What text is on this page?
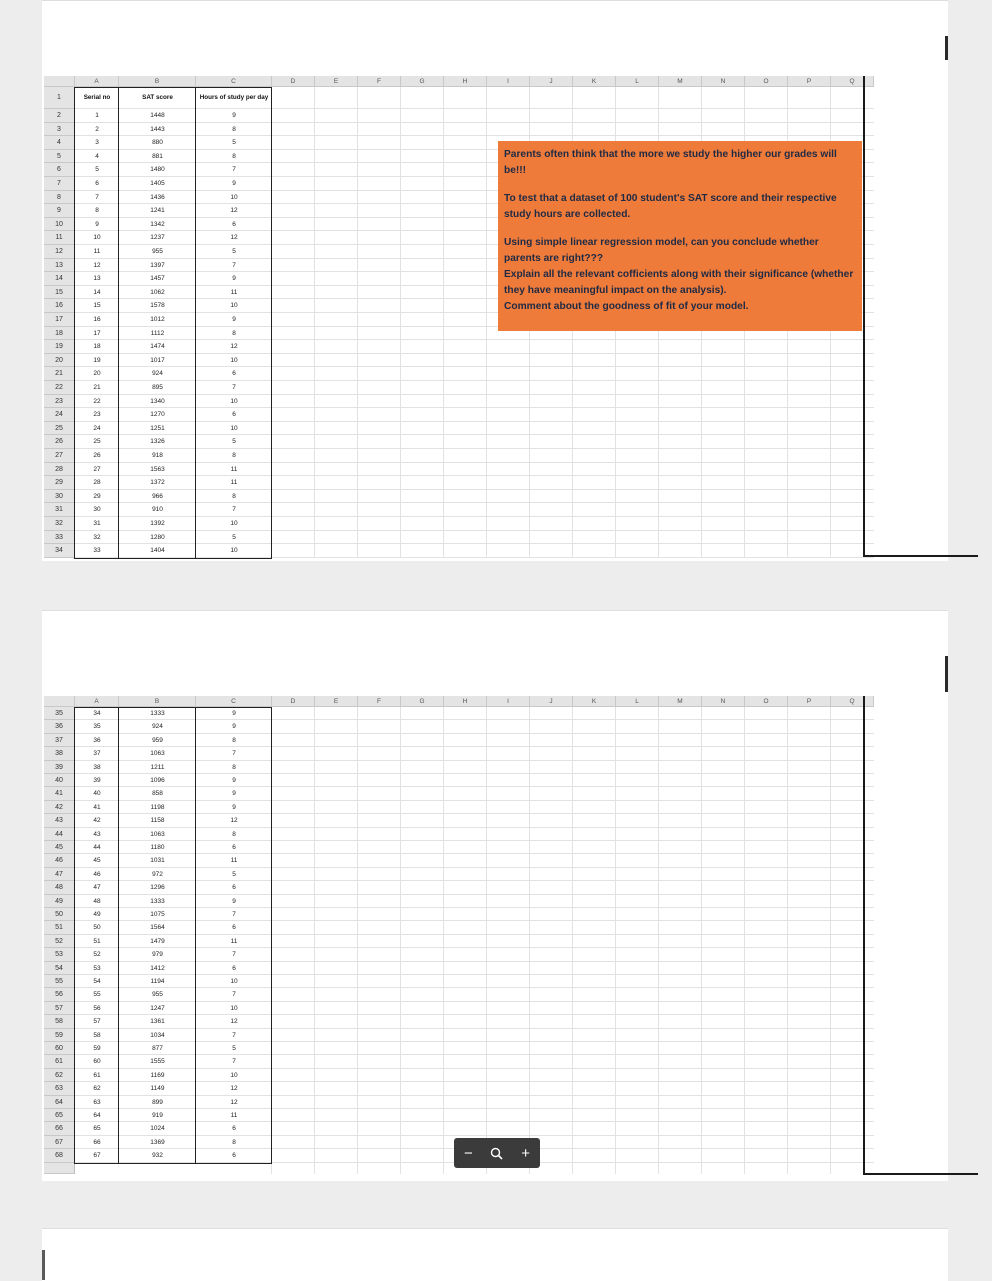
A	B	C	D	E	F	G	H	I	J	K	L	M	N	O	P	Q
1	Serial no	SAT score	Hours of study per day
2	1	1448	9
3	2	1443	8
4	3	880	5
5	4	881	8
6	5	1480	7
7	6	1405	9
8	7	1436	10
9	8	1241	12
10	9	1342	6
11	10	1237	12
12	11	955	5
13	12	1397	7
14	13	1457	9
15	14	1062	11
16	15	1578	10
17	16	1012	9
18	17	1112	8
19	18	1474	12
20	19	1017	10
21	20	924	6
22	21	895	7
23	22	1340	10
24	23	1270	6
25	24	1251	10
26	25	1326	5
27	26	918	8
28	27	1563	11
29	28	1372	11
30	29	966	8
31	30	910	7
32	31	1392	10
33	32	1280	5
34	33	1404	10
A	B	C	D	E	F	G	H	I	J	K	L	M	N	O	P	Q
35	34	1333	9
36	35	924	9
37	36	959	8
38	37	1063	7
39	38	1211	8
40	39	1096	9
41	40	858	9
42	41	1198	9
43	42	1158	12
44	43	1063	8
45	44	1180	6
46	45	1031	11
47	46	972	5
48	47	1296	6
49	48	1333	9
50	49	1075	7
51	50	1564	6
52	51	1479	11
53	52	979	7
54	53	1412	6
55	54	1194	10
56	55	955	7
57	56	1247	10
58	57	1361	12
59	58	1034	7
60	59	877	5
61	60	1555	7
62	61	1169	10
63	62	1149	12
64	63	899	12
65	64	919	11
66	65	1024	6
67	66	1369	8
68	67	932	6

Parents often think that the more we study the higher our grades will be!!!

To test that a dataset of 100 student's SAT score and their respective study hours are collected.

Using simple linear regression model, can you conclude whether parents are right???

Explain all the relevant cofficients along with their significance (whether they have meaningful impact on the analysis).

Comment about the goodness of fit of your model.

−	+
